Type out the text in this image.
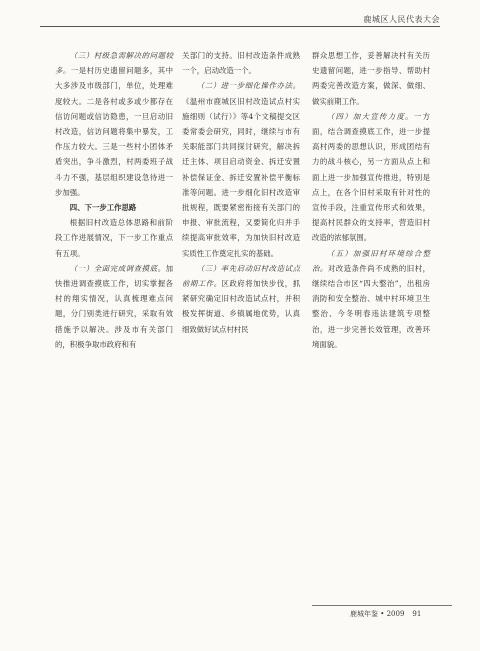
鹿城区人民代表大会

（三）村级急需解决的问题较多。一是村历史遗留问题多，其中大多涉及市级部门，单位，处理难度较大。二是各村或多或少都存在信访问题或信访隐患，一旦启动旧村改造，信访问题将集中暴发，工作压力较大。三是一些村小团体矛盾突出，争斗激烈，村两委班子战斗力不强，基层组织建设急待进一步加强。

四、下一步工作思路

根据旧村改造总体思路和前阶段工作进展情况，下一步工作重点有五项。

（一）全面完成调查摸底。加快推进调查摸底工作，切实掌握各村的翔实情况，认真梳理难点问题，分门别类进行研究，采取有效措施予以解决。涉及市有关部门的，积极争取市政府和有

关部门的支持。旧村改造条件成熟一个，启动改造一个。

（二）进一步细化操作办法。《温州市鹿城区旧村改造试点村实施细则（试行）》等4个文稿提交区委常委会研究，同时，继续与市有关职能部门共同探讨研究，解决拆迁主体、项目启动资金、拆迁安置补偿保证金、拆迁安置补偿平衡标准等问题。进一步细化旧村改造审批规程，既要紧密衔接有关部门的申报、审批流程，又要简化归并手续提高审批效率，为加快旧村改造实质性工作奠定扎实的基础。

（三）率先启动旧村改造试点前期工作。区政府将加快步伐，抓紧研究确定旧村改造试点村，并积极发挥街道、乡镇属地优势，认真细致做好试点村村民

群众思想工作，妥善解决村有关历史遗留问题，进一步指导、帮助村两委完善改造方案，做深、做细、做实前期工作。

（四）加大宣传力度。一方面，结合调查摸底工作，进一步提高村两委的思想认识，形成团结有力的战斗核心，另一方面从点上和面上进一步加强宣传推进，特别是点上，在各个旧村采取有针对性的宣传手段，注重宣传形式和效果，提高村民群众的支持率，营造旧村改造的浓郁氛围。

（五）加强旧村环境综合整治。对改造条件尚不成熟的旧村，继续结合市区“四大整治”，出租房消防和安全整治、城中村环境卫生整治、今冬明春违法建筑专项整治，进一步完善长效管理，改善环境面貌。

鹿城年鉴 • 2009 91
